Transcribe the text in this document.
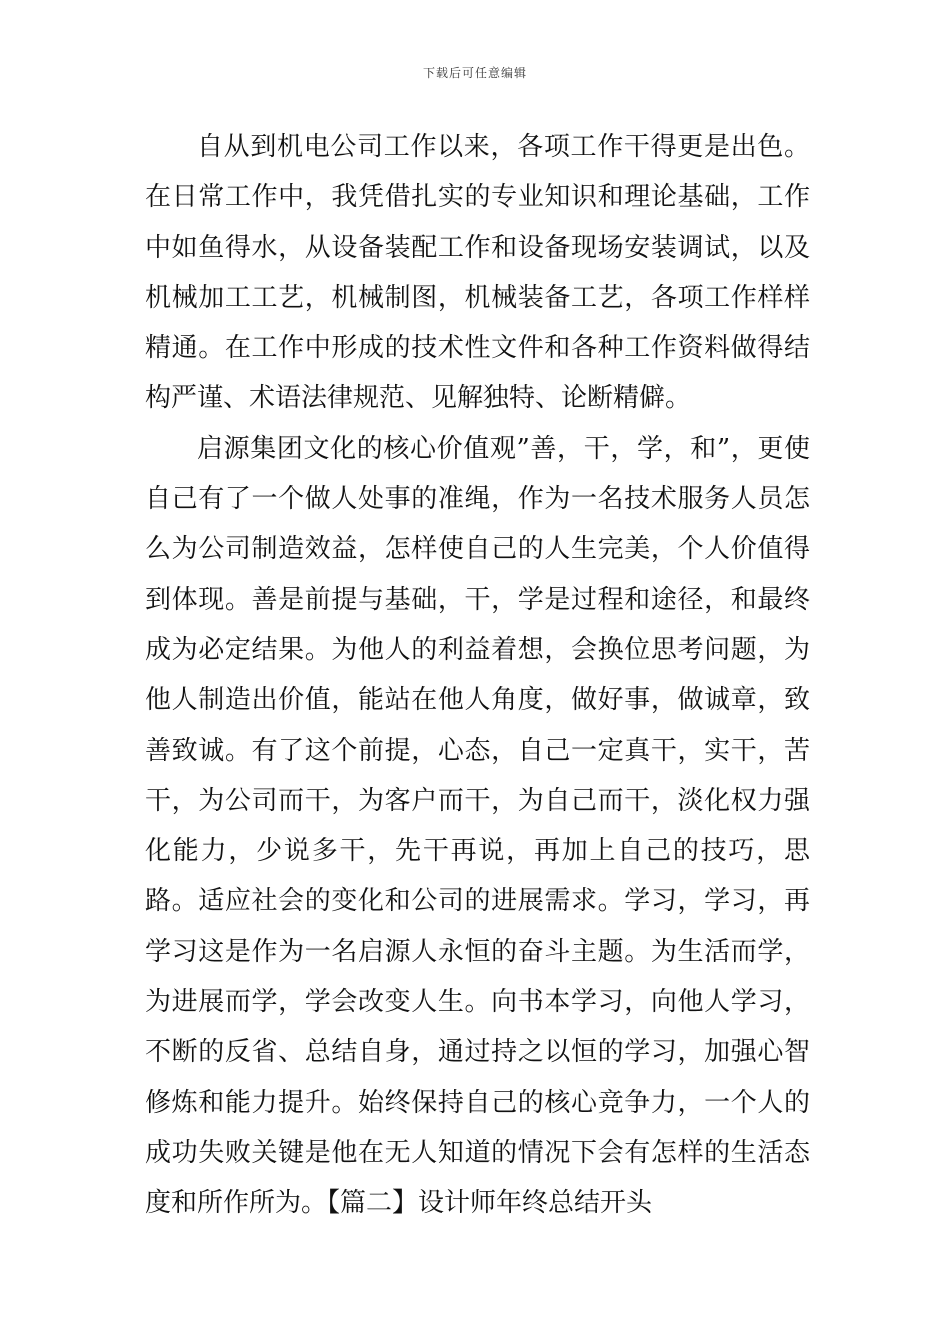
下载后可任意编辑

自从到机电公司工作以来，各项工作干得更是出色。在日常工作中，我凭借扎实的专业知识和理论基础，工作中如鱼得水，从设备装配工作和设备现场安装调试，以及机械加工工艺，机械制图，机械装备工艺，各项工作样样精通。在工作中形成的技术性文件和各种工作资料做得结构严谨、术语法律规范、见解独特、论断精僻。

启源集团文化的核心价值观”善，干，学，和”，更使自己有了一个做人处事的准绳，作为一名技术服务人员怎么为公司制造效益，怎样使自己的人生完美，个人价值得到体现。善是前提与基础，干，学是过程和途径，和最终成为必定结果。为他人的利益着想，会换位思考问题，为他人制造出价值，能站在他人角度，做好事，做诚章，致善致诚。有了这个前提，心态，自己一定真干，实干，苦干，为公司而干，为客户而干，为自己而干，淡化权力强化能力，少说多干，先干再说，再加上自己的技巧，思路。适应社会的变化和公司的进展需求。学习，学习，再学习这是作为一名启源人永恒的奋斗主题。为生活而学，为进展而学，学会改变人生。向书本学习，向他人学习，不断的反省、总结自身，通过持之以恒的学习，加强心智修炼和能力提升。始终保持自己的核心竞争力，一个人的成功失败关键是他在无人知道的情况下会有怎样的生活态度和所作所为。【篇二】设计师年终总结开头
